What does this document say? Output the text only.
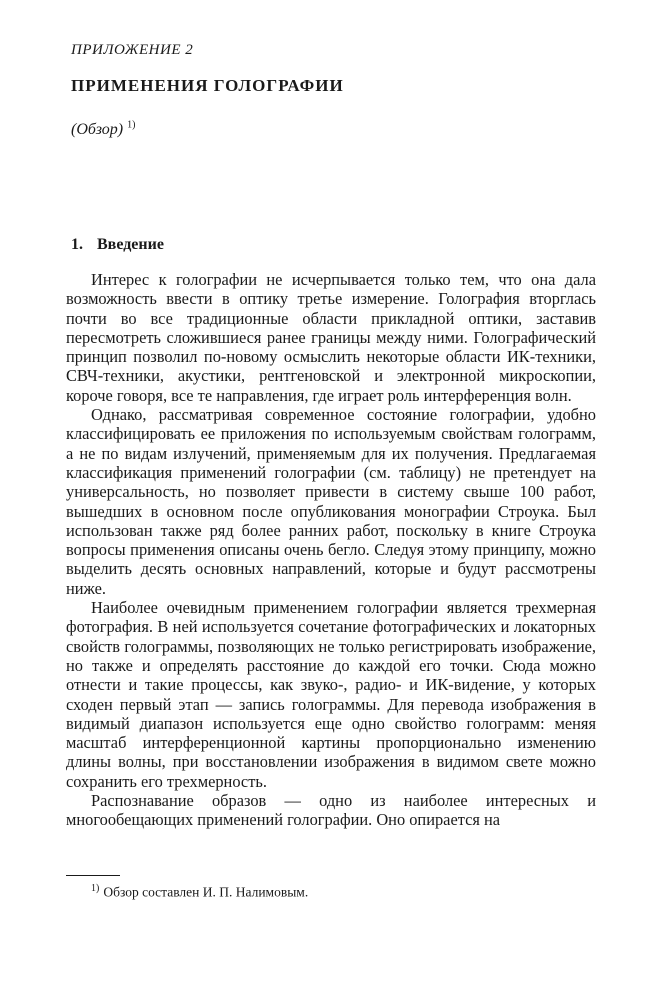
ПРИЛОЖЕНИЕ 2
ПРИМЕНЕНИЯ ГОЛОГРАФИИ
(Обзор) $^{1)}$
1. Введение

Интерес к голографии не исчерпывается только тем, что она дала возможность ввести в оптику третье измерение. Голография вторглась почти во все традиционные области прикладной оптики, заставив пересмотреть сложившиеся ранее границы между ними. Голографический принцип позволил по-новому осмыслить некоторые области ИК-техники, СВЧ-техники, акустики, рентгеновской и электронной микроскопии, короче говоря, все те направления, где играет роль интерференция волн.

Однако, рассматривая современное состояние голографии, удобно классифицировать ее приложения по используемым свойствам голограмм, а не по видам излучений, применяемым для их получения. Предлагаемая классификация применений голографии (см. таблицу) не претендует на универсальность, но позволяет привести в систему свыше 100 работ, вышедших в основном после опубликования монографии Строука. Был использован также ряд более ранних работ, поскольку в книге Строука вопросы применения описаны очень бегло. Следуя этому принципу, можно выделить десять основных направлений, которые и будут рассмотрены ниже.

Наиболее очевидным применением голографии является трехмерная фотография. В ней используется сочетание фотографических и локаторных свойств голограммы, позволяющих не только регистрировать изображение, но также и определять расстояние до каждой его точки. Сюда можно отнести и такие процессы, как звуко-, радио- и ИК-видение, у которых сходен первый этап — запись голограммы. Для перевода изображения в видимый диапазон используется еще одно свойство голограмм: меняя масштаб интерференционной картины пропорционально изменению длины волны, при восстановлении изображения в видимом свете можно сохранить его трехмерность.

Распознавание образов — одно из наиболее интересных и многообещающих применений голографии. Оно опирается на

$^{1)}$ Обзор составлен И. П. Налимовым.
